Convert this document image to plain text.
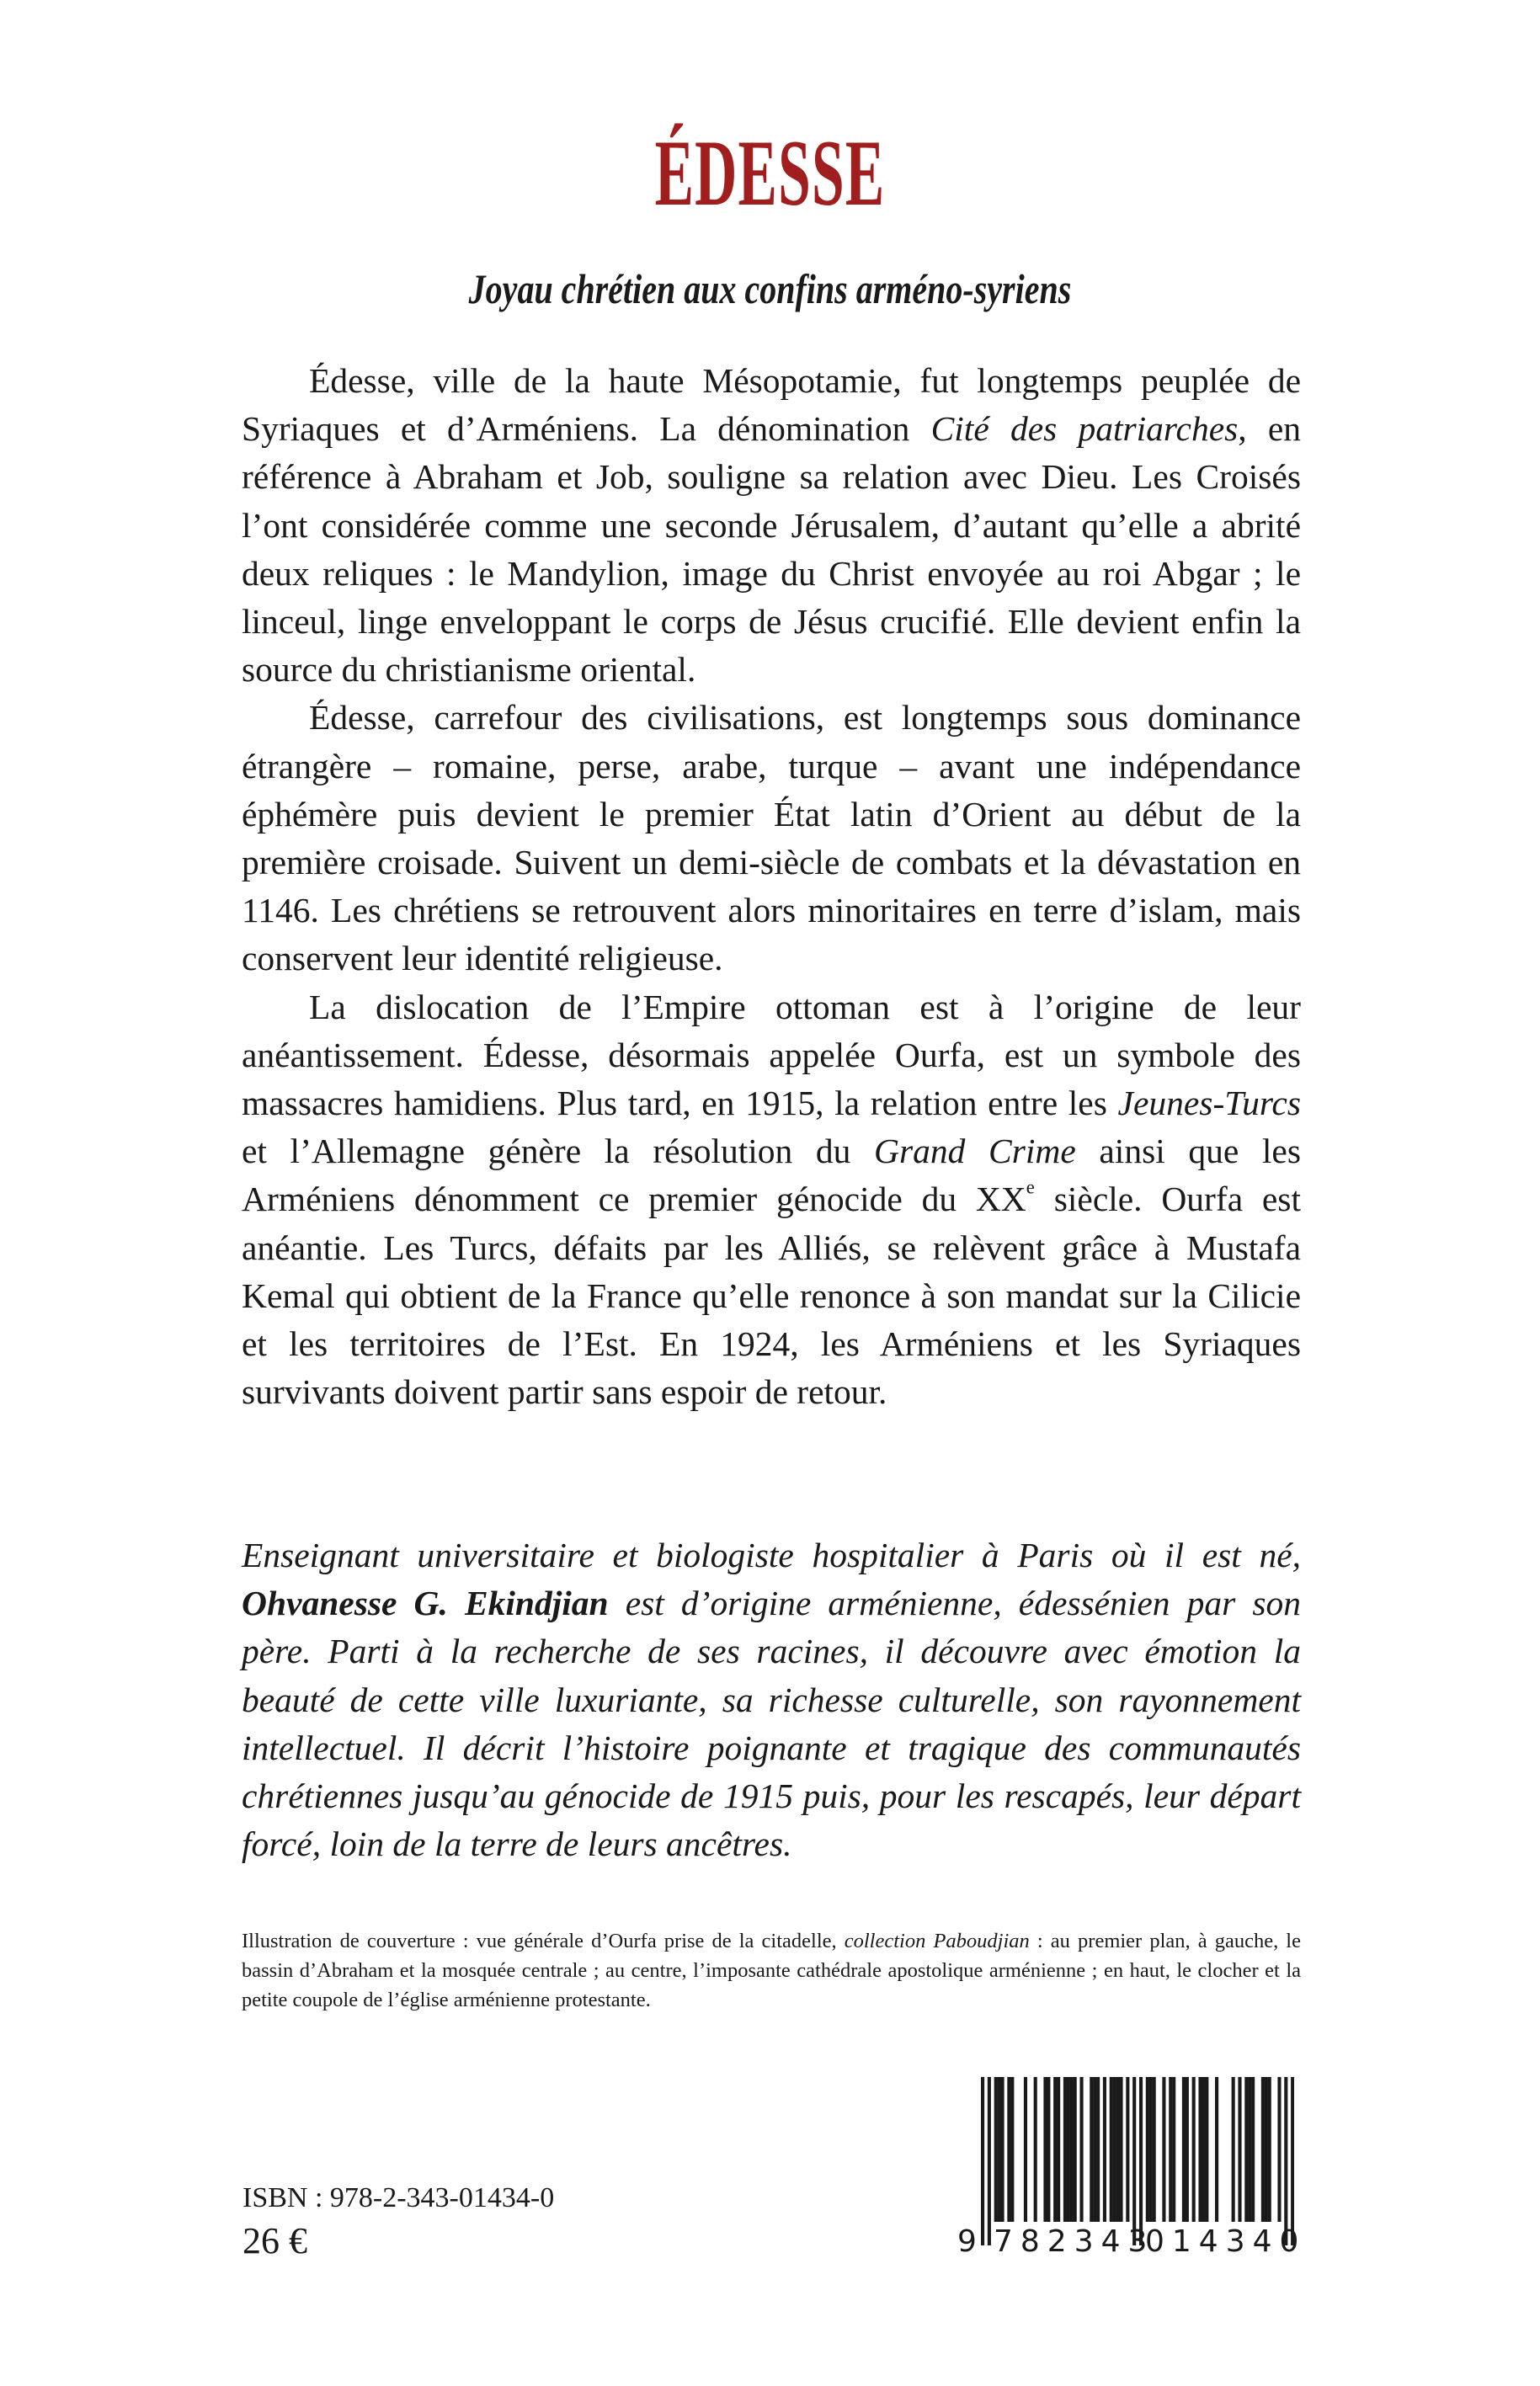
ÉDESSE
Joyau chrétien aux confins arméno-syriens

Édesse, ville de la haute Mésopotamie, fut longtemps peuplée de Syriaques et d’Arméniens. La dénomination Cité des patriarches, en référence à Abraham et Job, souligne sa relation avec Dieu. Les Croisés l’ont considérée comme une seconde Jérusalem, d’autant qu’elle a abrité deux reliques : le Mandylion, image du Christ envoyée au roi Abgar ; le linceul, linge enveloppant le corps de Jésus crucifié. Elle devient enfin la source du christianisme oriental.

Édesse, carrefour des civilisations, est longtemps sous dominance étrangère – romaine, perse, arabe, turque – avant une indépendance éphémère puis devient le premier État latin d’Orient au début de la première croisade. Suivent un demi-siècle de combats et la dévastation en 1146. Les chrétiens se retrouvent alors minoritaires en terre d’islam, mais conservent leur identité religieuse.

La dislocation de l’Empire ottoman est à l’origine de leur anéantissement. Édesse, désormais appelée Ourfa, est un symbole des massacres hamidiens. Plus tard, en 1915, la relation entre les Jeunes-Turcs et l’Allemagne génère la résolution du Grand Crime ainsi que les Arméniens dénomment ce premier génocide du XXe siècle. Ourfa est anéantie. Les Turcs, défaits par les Alliés, se relèvent grâce à Mustafa Kemal qui obtient de la France qu’elle renonce à son mandat sur la Cilicie et les territoires de l’Est. En 1924, les Arméniens et les Syriaques survivants doivent partir sans espoir de retour.

Enseignant universitaire et biologiste hospitalier à Paris où il est né, Ohvanesse G. Ekindjian est d’origine arménienne, édessénien par son père. Parti à la recherche de ses racines, il découvre avec émotion la beauté de cette ville luxuriante, sa richesse culturelle, son rayonnement intellectuel. Il décrit l’histoire poignante et tragique des communautés chrétiennes jusqu’au génocide de 1915 puis, pour les rescapés, leur départ forcé, loin de la terre de leurs ancêtres.

Illustration de couverture : vue générale d’Ourfa prise de la citadelle, collection Paboudjian : au premier plan, à gauche, le bassin d’Abraham et la mosquée centrale ; au centre, l’imposante cathédrale apostolique arménienne ; en haut, le clocher et la petite coupole de l’église arménienne protestante.

ISBN : 978-2-343-01434-0
26 €	9 782343
014340
